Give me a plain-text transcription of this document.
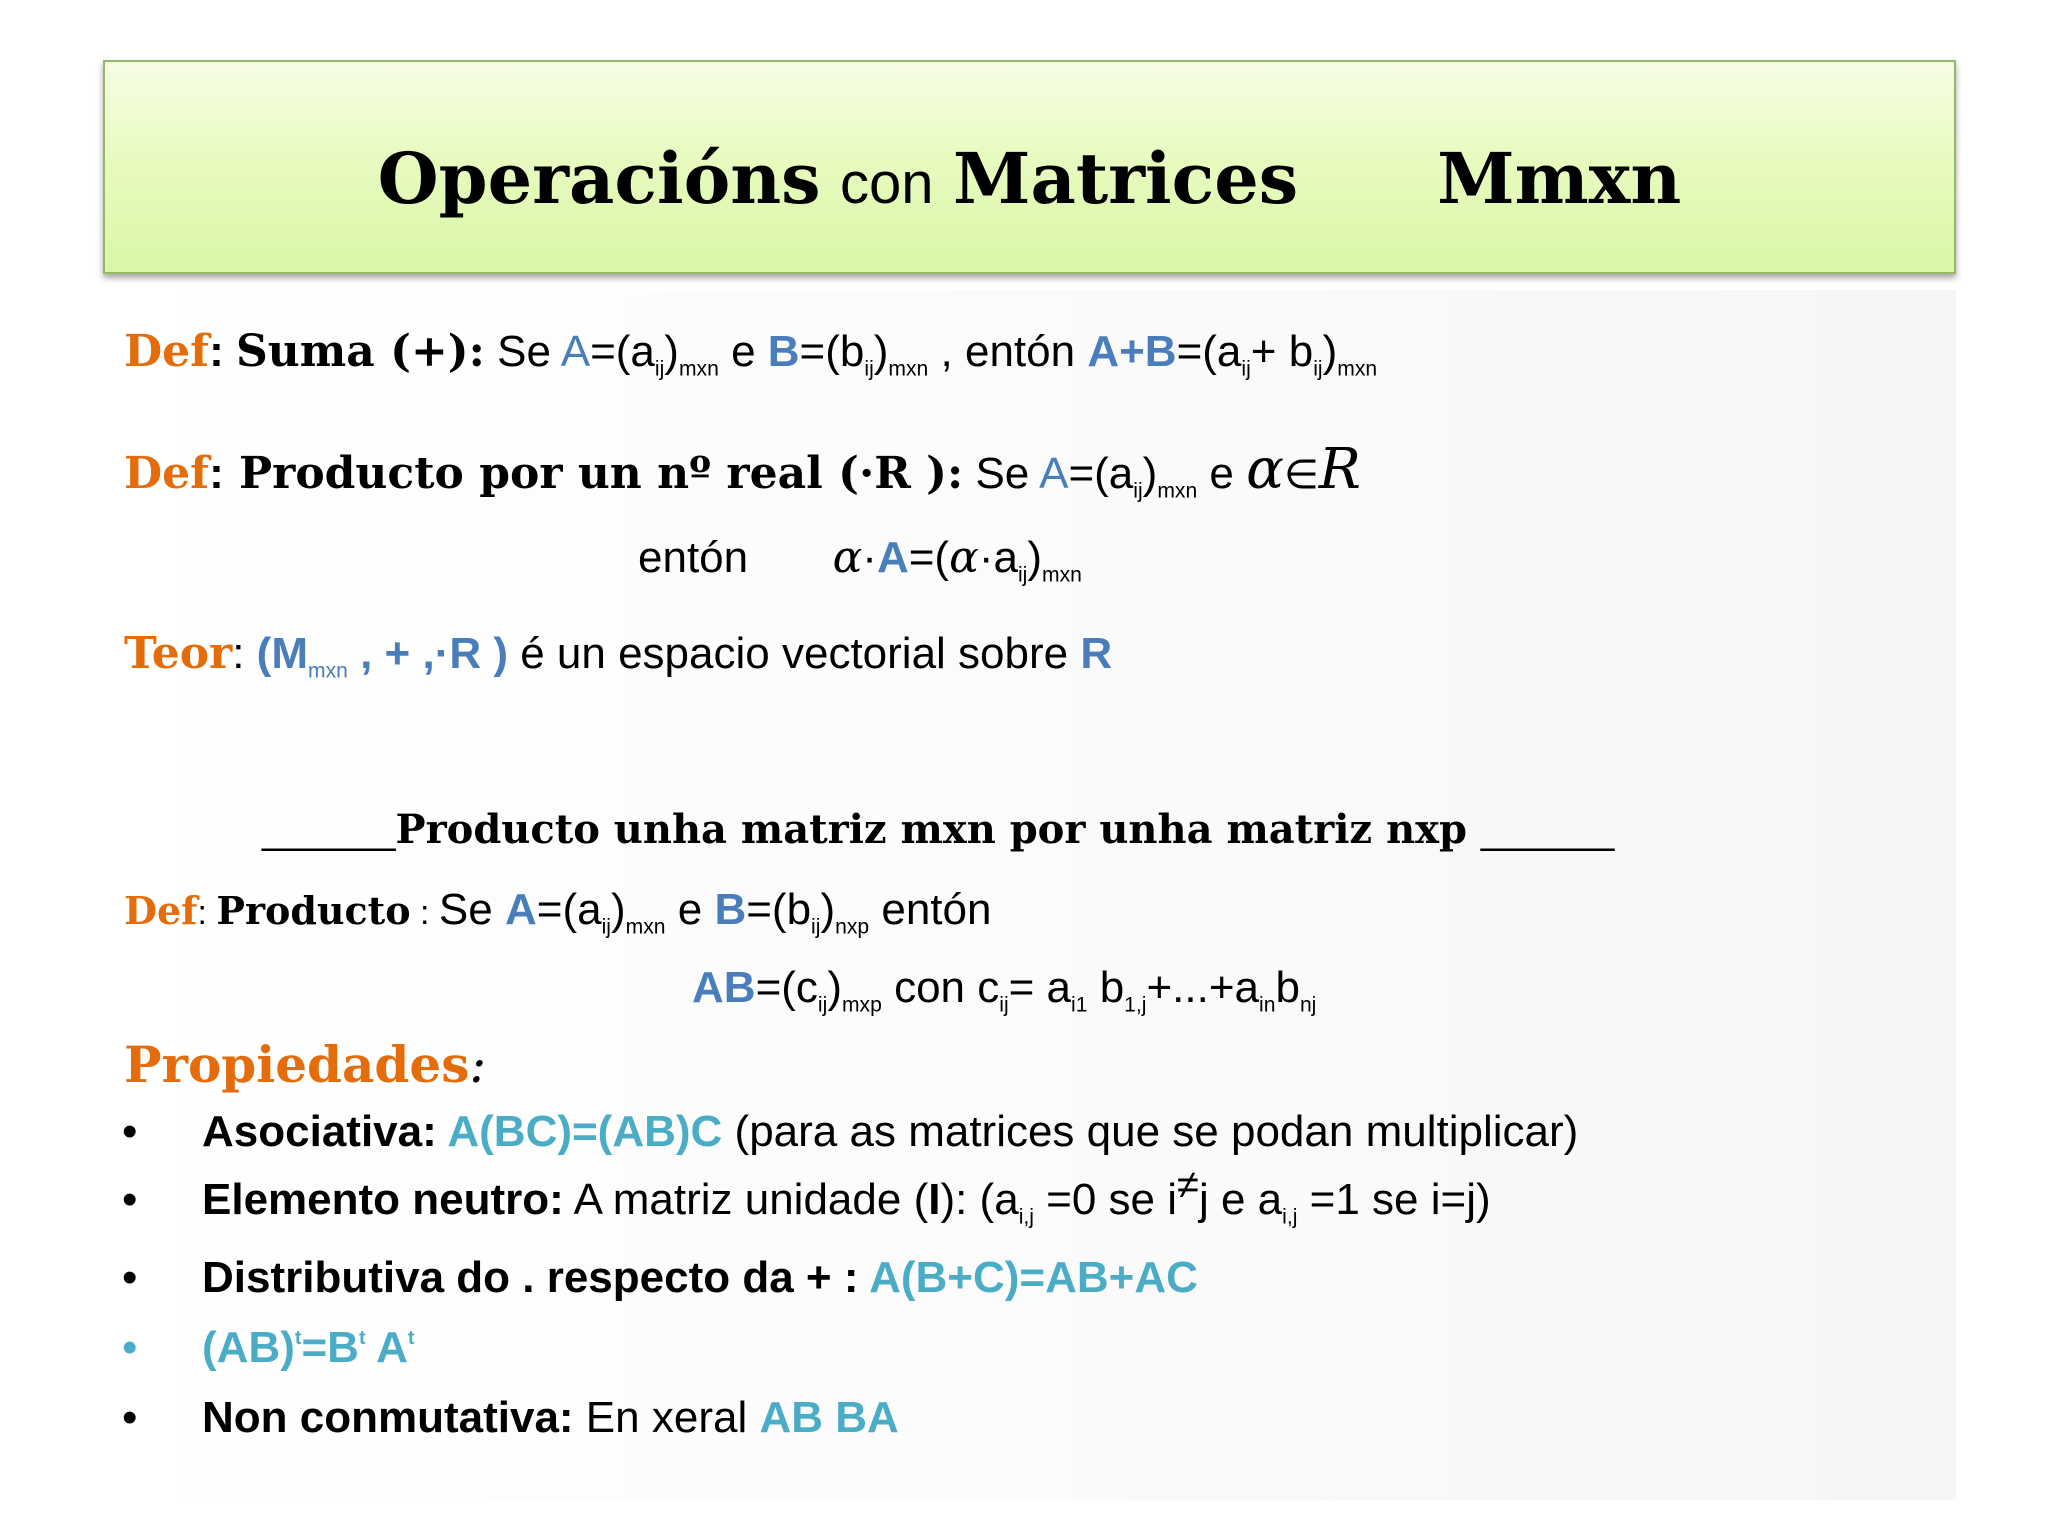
Operacións con Matrices Mmxn
Def: Suma (+): Se $A=(a_{ij})_{mxn}$ e $B=(b_{ij})_{mxn}$ , entón $A+B=(a_{ij}+ b_{ij})_{mxn}$
Def: Producto por un nº real (·R ): Se $A=(a_{ij})_{mxn}$ e α∈R
entón $\alpha\cdot A=(\alpha\cdot a_{ij})_{mxn}$
Teor: ($M_{mxn}$ , + ,·R ) é un espacio vectorial sobre R
______Producto unha matriz mxn por unha matriz nxp ______
Def: Producto : Se $A=(a_{ij})_{mxn}$ e $B=(b_{ij})_{nxp}$ entón
$AB=(c_{ij})_{mxp}$ con $c_{ij}= a_{i1}$ $b_{1,j}+...+a_{in}b_{nj}$
Propiedades:
•	Asociativa: A(BC)=(AB)C (para as matrices que se podan multiplicar)
•	Elemento neutro: A matriz unidade (I): ($a_{i,j} =0$ se i≠j e $a_{i,j} =1$ se i=j)
•	Distributiva do . respecto da + : A(B+C)=AB+AC
•	$(AB)^t=B^t$ $A^t$
•	Non conmutativa: En xeral AB BA
